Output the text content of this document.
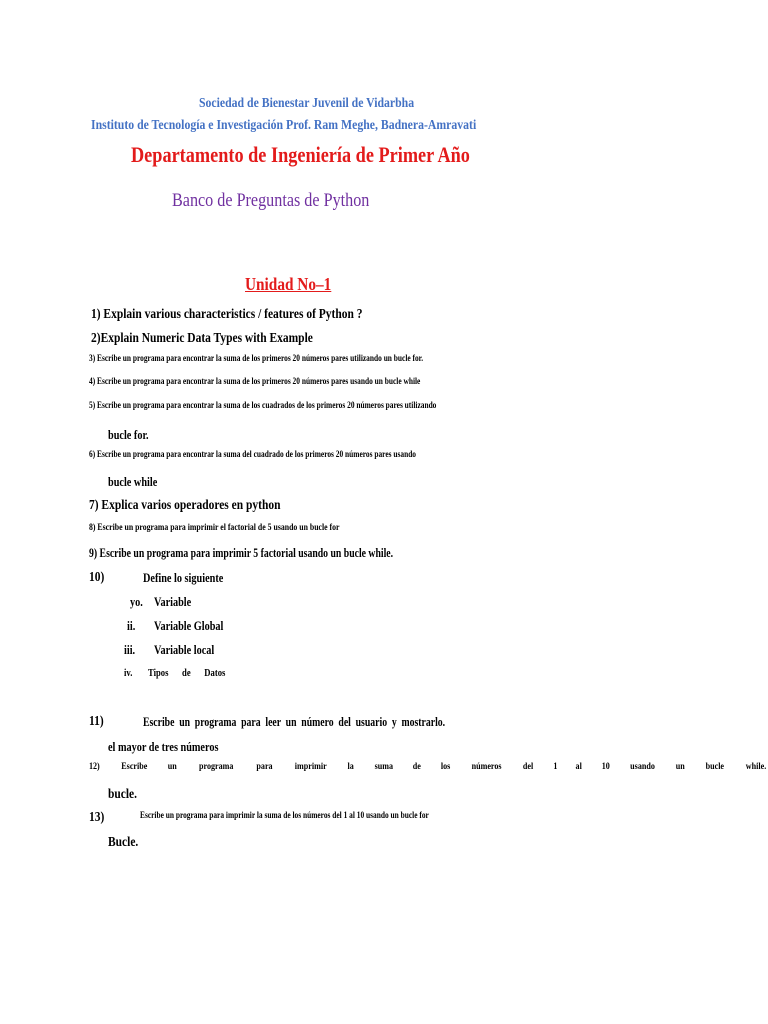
Sociedad de Bienestar Juvenil de Vidarbha
Instituto de Tecnología e Investigación Prof. Ram Meghe, Badnera-Amravati
Departamento de Ingeniería de Primer Año
Banco de Preguntas de Python
Unidad No–1
1) Explain various characteristics / features of Python ?
2)Explain Numeric Data Types with Example
3) Escribe un programa para encontrar la suma de los primeros 20 números pares utilizando un bucle for.
4) Escribe un programa para encontrar la suma de los primeros 20 números pares usando un bucle while
5) Escribe un programa para encontrar la suma de los cuadrados de los primeros 20 números pares utilizando
bucle for.
6) Escribe un programa para encontrar la suma del cuadrado de los primeros 20 números pares usando
bucle while
7) Explica varios operadores en python
8) Escribe un programa para imprimir el factorial de 5 usando un bucle for
9) Escribe un programa para imprimir 5 factorial usando un bucle while.
10)	Define lo siguiente
yo. Variable
ii. Variable Global
iii. Variable local
iv. Tipos de Datos
11)	Escribe un programa para leer un número del usuario y mostrarlo.
el mayor de tres números
12) Escribe un programa para imprimir la suma de los números del 1 al 10 usando un bucle while.
bucle.
13)	Escribe un programa para imprimir la suma de los números del 1 al 10 usando un bucle for
Bucle.
